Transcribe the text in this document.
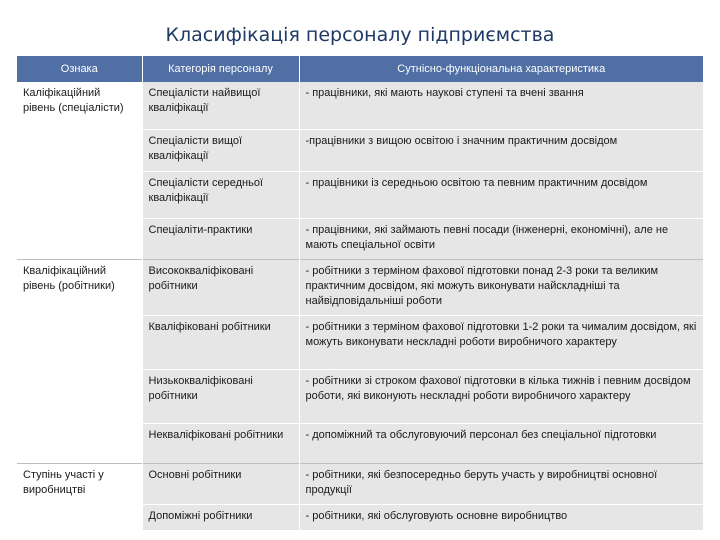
Класифікація персоналу підприємства
Ознака	Категорія персоналу	Сутнісно-функціональна характеристика
Каліфікаційний рівень (спеціалісти)	Спеціалісти найвищої кваліфікації	- працівники, які мають наукові ступені та вчені звання
	Спеціалісти вищої кваліфікації	-працівники з вищою освітою і значним практичним досвідом
	Спеціалісти середньої кваліфікації	- працівники із середньою освітою та певним практичним досвідом
	Спеціаліти-практики	- працівники, які займають певні посади (інженерні, економічні), але не мають спеціальної освіти
Кваліфікаційний рівень (робітники)	Висококваліфіковані робітники	- робітники з терміном фахової підготовки понад 2-3 роки та великим практичним досвідом, які можуть виконувати найскладніші та найвідповідальніші роботи
	Кваліфіковані робітники	- робітники з терміном фахової підготовки 1-2 роки та чималим досвідом, які можуть виконувати нескладні роботи виробничого характеру
	Низькокваліфіковані робітники	- робітники зі строком фахової підготовки в кілька тижнів і певним досвідом роботи, які виконують нескладні роботи виробничого характеру
	Некваліфіковані робітники	- допоміжний та обслуговуючий персонал без спеціальної підготовки
Ступінь участі у виробництві	Основні робітники	- робітники, які безпосередньо беруть участь у виробництві основної продукції
	Допоміжні робітники	- робітники, які обслуговують основне виробництво
